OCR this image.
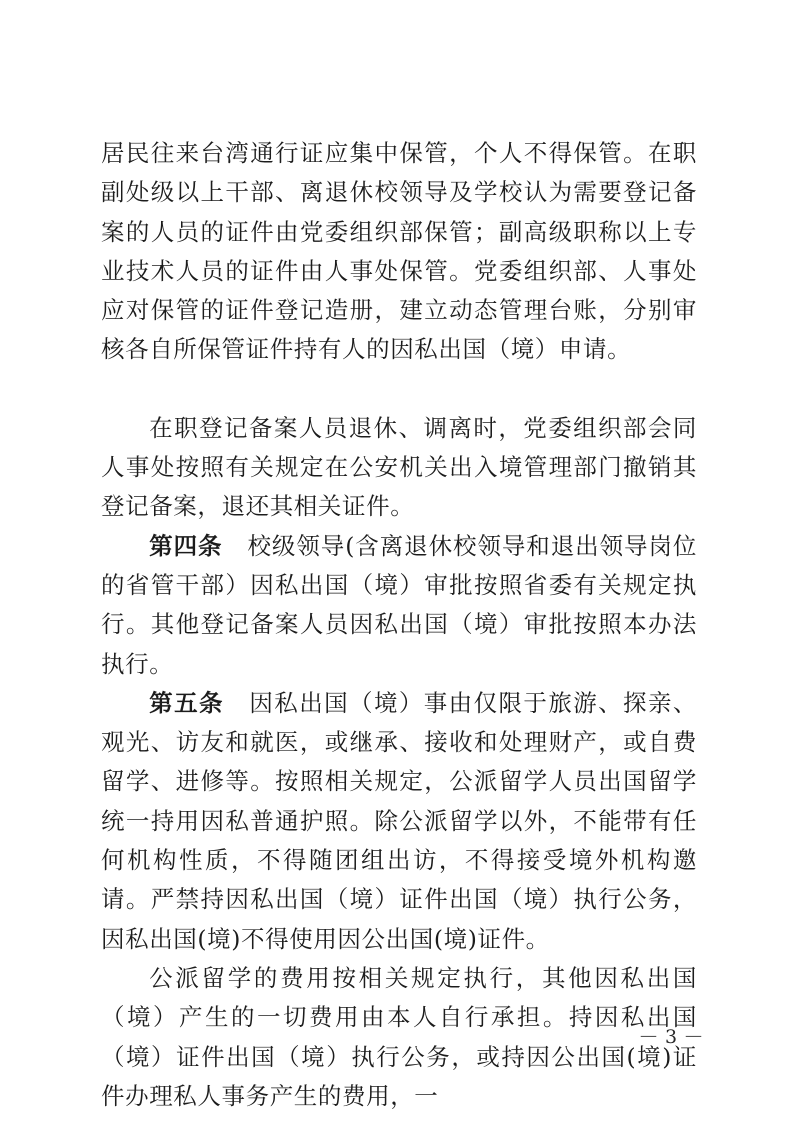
居民往来台湾通行证应集中保管，个人不得保管。在职副处级以上干部、离退休校领导及学校认为需要登记备案的人员的证件由党委组织部保管；副高级职称以上专业技术人员的证件由人事处保管。党委组织部、人事处应对保管的证件登记造册，建立动态管理台账，分别审核各自所保管证件持有人的因私出国（境）申请。

在职登记备案人员退休、调离时，党委组织部会同人事处按照有关规定在公安机关出入境管理部门撤销其登记备案，退还其相关证件。

第四条 校级领导(含离退休校领导和退出领导岗位的省管干部）因私出国（境）审批按照省委有关规定执行。其他登记备案人员因私出国（境）审批按照本办法执行。

第五条 因私出国（境）事由仅限于旅游、探亲、观光、访友和就医，或继承、接收和处理财产，或自费留学、进修等。按照相关规定，公派留学人员出国留学统一持用因私普通护照。除公派留学以外，不能带有任何机构性质，不得随团组出访，不得接受境外机构邀请。严禁持因私出国（境）证件出国（境）执行公务，因私出国(境)不得使用因公出国(境)证件。

公派留学的费用按相关规定执行，其他因私出国（境）产生的一切费用由本人自行承担。持因私出国（境）证件出国（境）执行公务，或持因公出国(境)证件办理私人事务产生的费用，一

— 3 —
